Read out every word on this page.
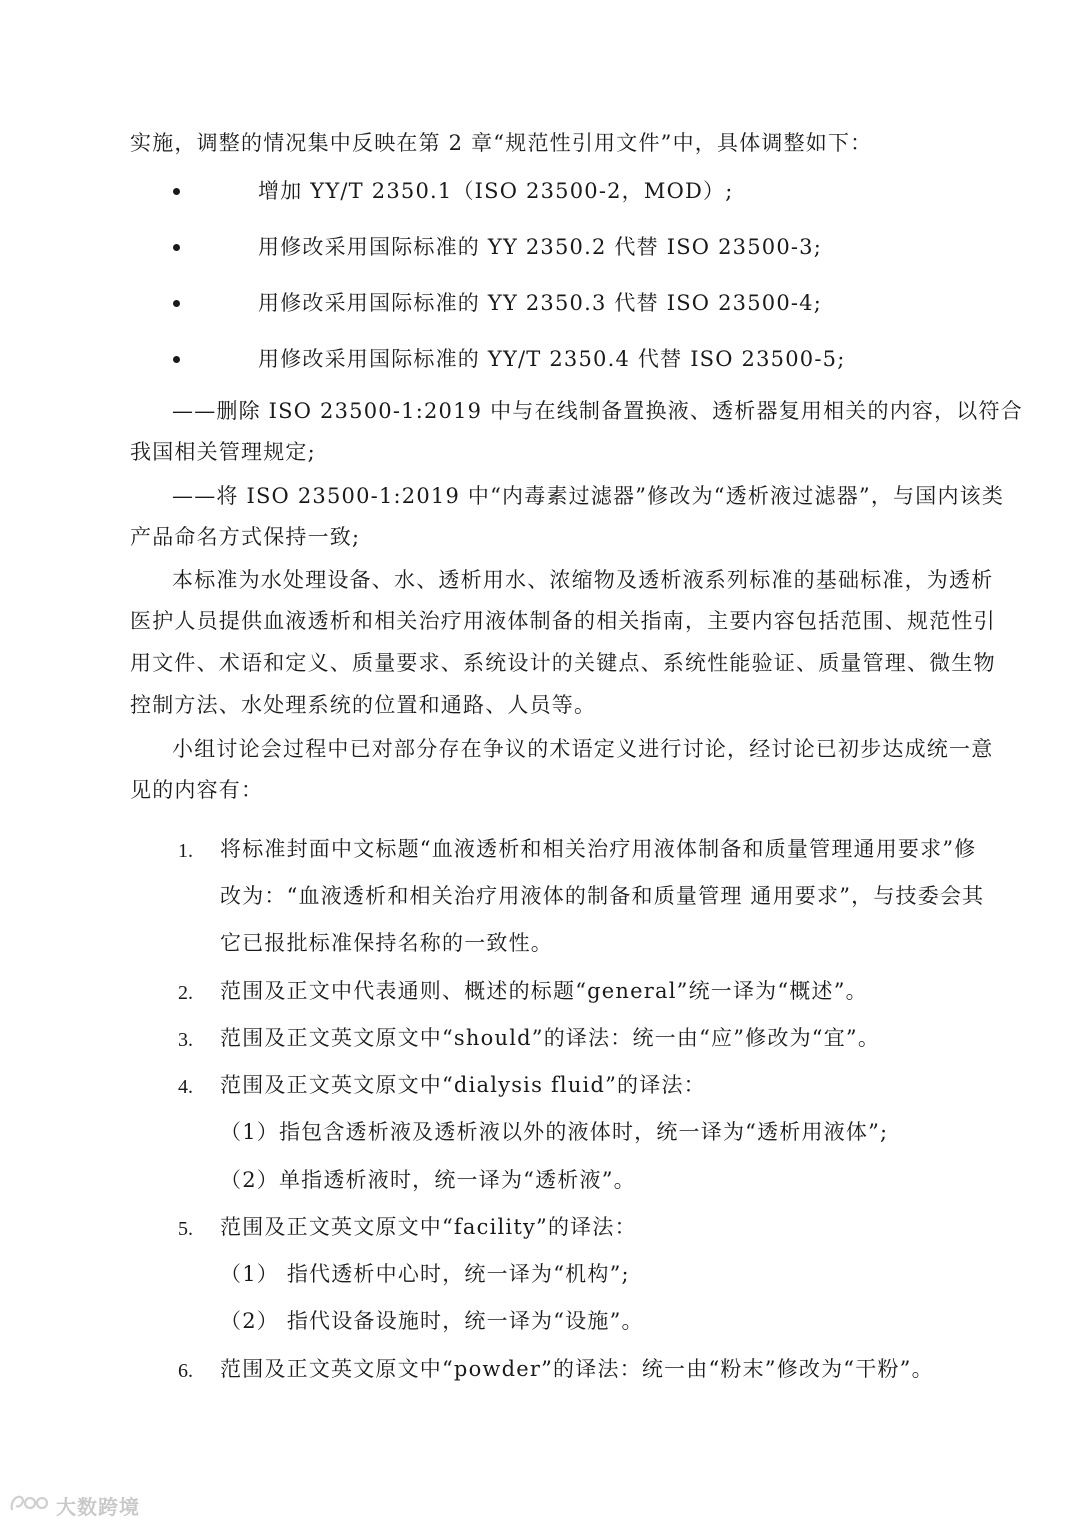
实施，调整的情况集中反映在第 2 章“规范性引用文件”中，具体调整如下：
增加 YY/T 2350.1（ISO 23500-2，MOD）;
用修改采用国际标准的 YY 2350.2 代替 ISO 23500-3;
用修改采用国际标准的 YY 2350.3 代替 ISO 23500-4;
用修改采用国际标准的 YY/T 2350.4 代替 ISO 23500-5;
——删除 ISO 23500-1:2019 中与在线制备置换液、透析器复用相关的内容，以符合
我国相关管理规定;
——将 ISO 23500-1:2019 中“内毒素过滤器”修改为“透析液过滤器”，与国内该类
产品命名方式保持一致;
本标准为水处理设备、水、透析用水、浓缩物及透析液系列标准的基础标准，为透析
医护人员提供血液透析和相关治疗用液体制备的相关指南，主要内容包括范围、规范性引
用文件、术语和定义、质量要求、系统设计的关键点、系统性能验证、质量管理、微生物
控制方法、水处理系统的位置和通路、人员等。
小组讨论会过程中已对部分存在争议的术语定义进行讨论，经讨论已初步达成统一意
见的内容有：
1. 将标准封面中文标题“血液透析和相关治疗用液体制备和质量管理通用要求”修
改为：“血液透析和相关治疗用液体的制备和质量管理 通用要求”，与技委会其
它已报批标准保持名称的一致性。
2. 范围及正文中代表通则、概述的标题“general”统一译为“概述”。
3. 范围及正文英文原文中“should”的译法：统一由“应”修改为“宜”。
4. 范围及正文英文原文中“dialysis fluid”的译法：
（1）指包含透析液及透析液以外的液体时，统一译为“透析用液体”;
（2）单指透析液时，统一译为“透析液”。
5. 范围及正文英文原文中“facility”的译法：
（1） 指代透析中心时，统一译为“机构”;
（2） 指代设备设施时，统一译为“设施”。
6. 范围及正文英文原文中“powder”的译法：统一由“粉末”修改为“干粉”。
大数跨境
